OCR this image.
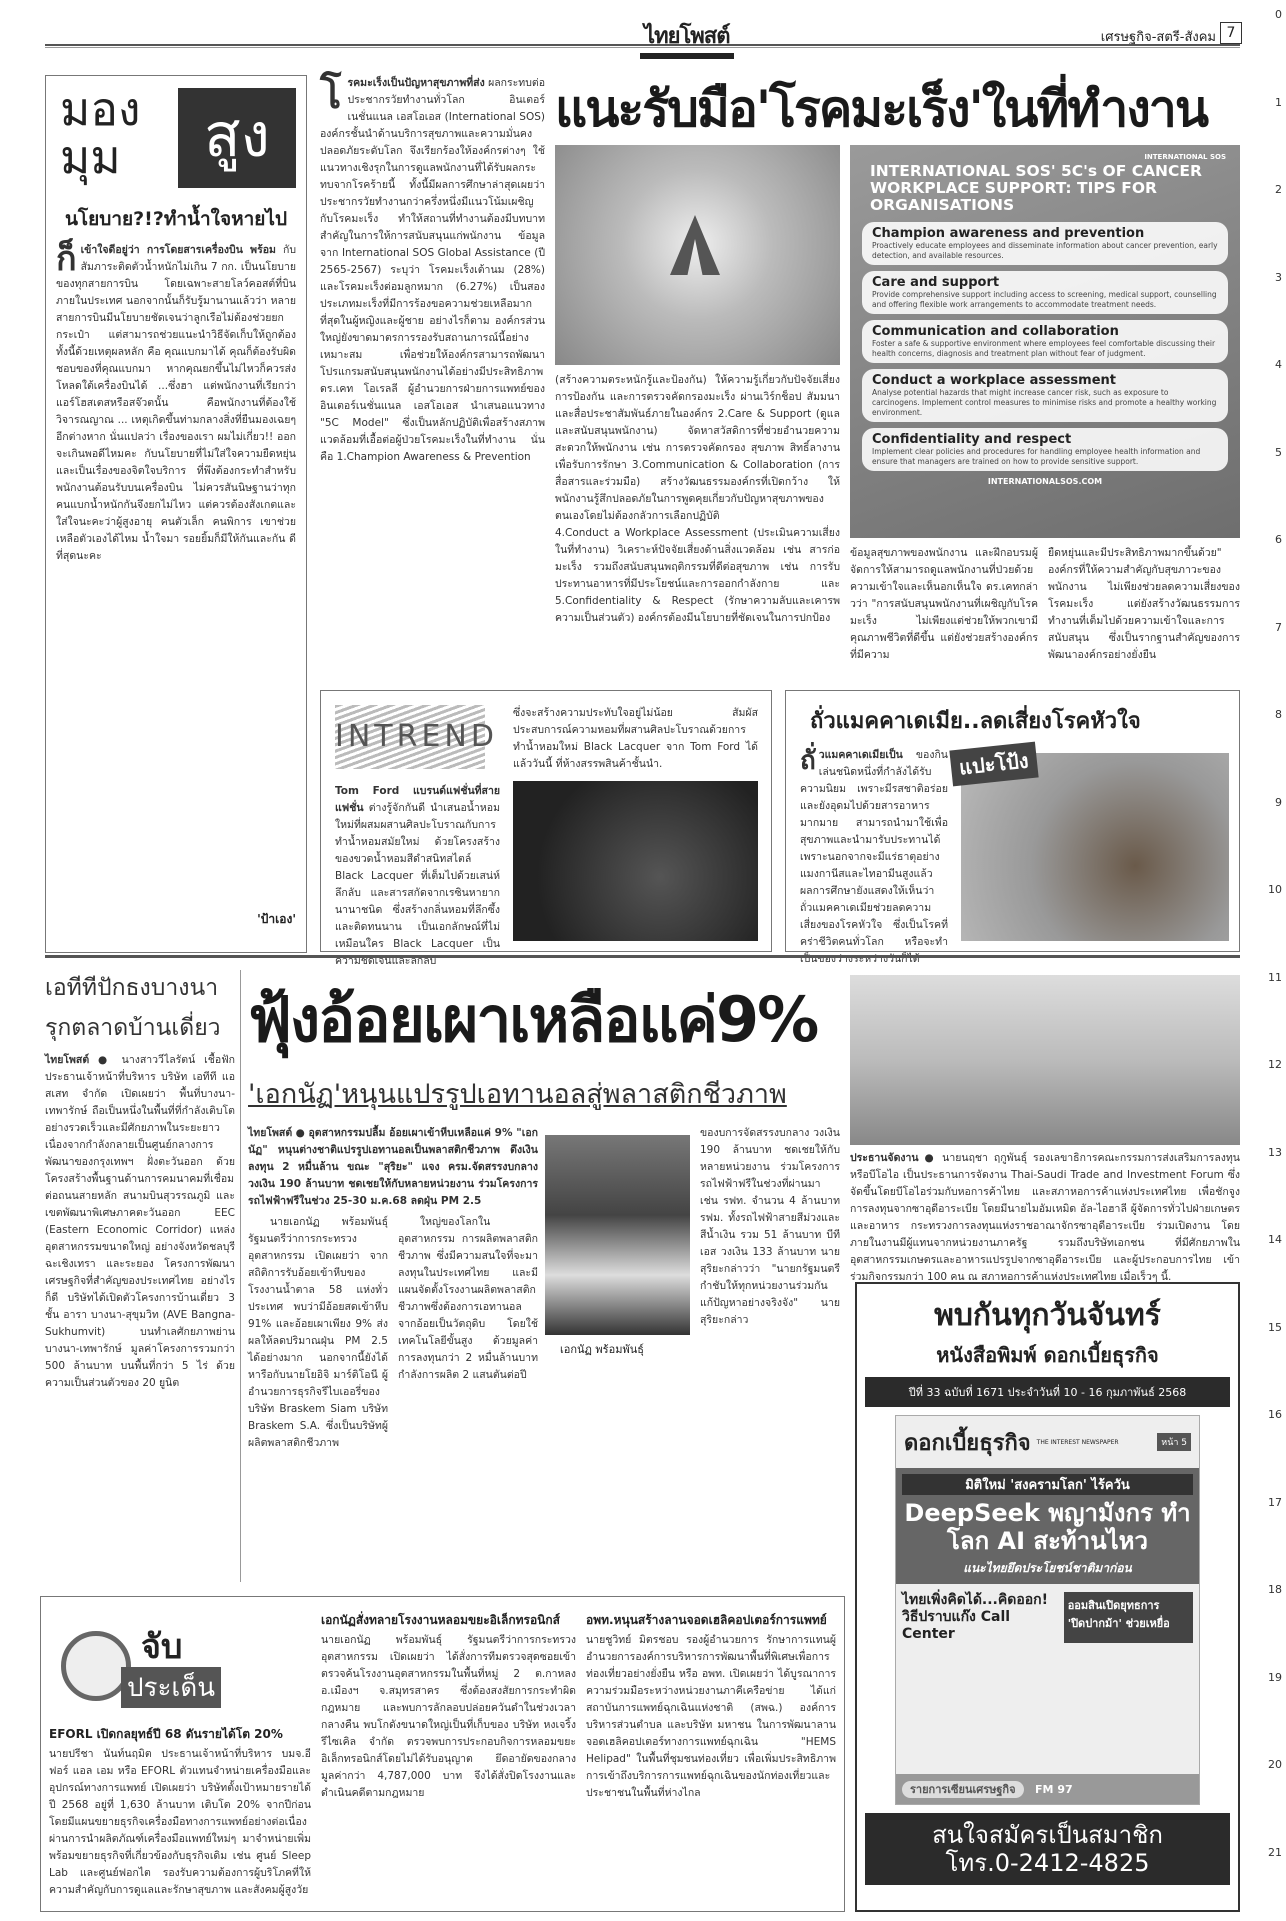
0
1
2
3
4
5
6
7
8
9
10
11
12
13
14
15
16
17
18
19
20
21
ไทยโพสต์	เศรษฐกิจ-สตรี-สังคม 7
มอง
มุม	สูง
นโยบาย?!?ทำน้ำใจหายไป
ก็ เข้าใจดีอยู่ว่า การโดยสารเครื่องบิน พร้อม กับสัมภาระติดตัวน้ำหนักไม่เกิน 7 กก. เป็นนโยบายของทุกสายการบิน โดยเฉพาะสายโลว์คอสต์ที่บินภายในประเทศ นอกจากนั้นก็รับรู้มานานแล้วว่า หลายสายการบินมีนโยบายชัดเจนว่าลูกเรือไม่ต้องช่วยยกกระเป๋า แต่สามารถช่วยแนะนำวิธีจัดเก็บให้ถูกต้อง ทั้งนี้ด้วยเหตุผลหลัก คือ คุณแบกมาได้ คุณก็ต้องรับผิดชอบของที่คุณแบกมา หากคุณยกขึ้นไม่ไหวก็ควรส่งโหลดใต้เครื่องบินได้ ...ซึ่งฮา แต่พนักงานที่เรียกว่าแอร์โฮสเตสหรือสจ๊วตนั้น คือพนักงานที่ต้องใช้วิจารณญาณ ... เหตุเกิดขึ้นท่ามกลางสิ่งที่ยืนมองเฉยๆ อีกต่างหาก นั่นแปลว่า เรื่องของเรา ผมไม่เกี่ยว!! ออกจะเกินพอดีไหมคะ กับนโยบายที่ไม่ใส่ใจความยืดหยุ่น และเป็นเรื่องของจิตใจบริการ ที่พึงต้องกระทำสำหรับพนักงานต้อนรับบนเครื่องบิน ไม่ควรสันนิษฐานว่าทุกคนแบกน้ำหนักกันจึงยกไม่ไหว แต่ควรต้องสังเกตและใส่ใจนะคะว่าผู้สูงอายุ คนตัวเล็ก คนพิการ เขาช่วยเหลือตัวเองได้ไหม น้ำใจมา รอยยิ้มก็มีให้กันและกัน ดีที่สุดนะคะ
'ป้าเอง'
โ รคมะเร็งเป็นปัญหาสุขภาพที่ส่ง ผลกระทบต่อประชากรวัยทำงานทั่วโลก อินเตอร์เนชั่นแนล เอสโอเอส (International SOS) องค์กรชั้นนำด้านบริการสุขภาพและความมั่นคงปลอดภัยระดับโลก จึงเรียกร้องให้องค์กรต่างๆ ใช้แนวทางเชิงรุกในการดูแลพนักงานที่ได้รับผลกระทบจากโรคร้ายนี้ ทั้งนี้มีผลการศึกษาล่าสุดเผยว่า ประชากรวัยทำงานกว่าครึ่งหนึ่งมีแนวโน้มเผชิญกับโรคมะเร็ง ทำให้สถานที่ทำงานต้องมีบทบาทสำคัญในการให้การสนับสนุนแก่พนักงาน ข้อมูลจาก International SOS Global Assistance (ปี 2565-2567) ระบุว่า โรคมะเร็งเต้านม (28%) และโรคมะเร็งต่อมลูกหมาก (6.27%) เป็นสองประเภทมะเร็งที่มีการร้องขอความช่วยเหลือมากที่สุดในผู้หญิงและผู้ชาย อย่างไรก็ตาม องค์กรส่วนใหญ่ยังขาดมาตรการรองรับสถานการณ์นี้อย่างเหมาะสม เพื่อช่วยให้องค์กรสามารถพัฒนาโปรแกรมสนับสนุนพนักงานได้อย่างมีประสิทธิภาพ ดร.เคท โอเรลลี ผู้อำนวยการฝ่ายการแพทย์ของอินเตอร์เนชั่นแนล เอสโอเอส นำเสนอแนวทาง "5C Model" ซึ่งเป็นหลักปฏิบัติเพื่อสร้างสภาพแวดล้อมที่เอื้อต่อผู้ป่วยโรคมะเร็งในที่ทำงาน นั่นคือ 1.Champion Awareness & Prevention
แนะรับมือ'โรคมะเร็ง'ในที่ทำงาน
INTERNATIONAL SOS
INTERNATIONAL SOS' 5C's OF CANCER WORKPLACE SUPPORT: TIPS FOR ORGANISATIONS
Champion awareness and prevention
Proactively educate employees and disseminate information about cancer prevention, early detection, and available resources.
Care and support
Provide comprehensive support including access to screening, medical support, counselling and offering flexible work arrangements to accommodate treatment needs.
Communication and collaboration
Foster a safe & supportive environment where employees feel comfortable discussing their health concerns, diagnosis and treatment plan without fear of judgment.
Conduct a workplace assessment
Analyse potential hazards that might increase cancer risk, such as exposure to carcinogens. Implement control measures to minimise risks and promote a healthy working environment.
Confidentiality and respect
Implement clear policies and procedures for handling employee health information and ensure that managers are trained on how to provide sensitive support.
INTERNATIONALSOS.COM
(สร้างความตระหนักรู้และป้องกัน) ให้ความรู้เกี่ยวกับปัจจัยเสี่ยง การป้องกัน และการตรวจคัดกรองมะเร็ง ผ่านเวิร์กช็อป สัมมนา และสื่อประชาสัมพันธ์ภายในองค์กร 2.Care & Support (ดูแลและสนับสนุนพนักงาน) จัดหาสวัสดิการที่ช่วยอำนวยความสะดวกให้พนักงาน เช่น การตรวจคัดกรอง สุขภาพ สิทธิ์ลางานเพื่อรับการรักษา 3.Communication & Collaboration (การสื่อสารและร่วมมือ) สร้างวัฒนธรรมองค์กรที่เปิดกว้าง ให้พนักงานรู้สึกปลอดภัยในการพูดคุยเกี่ยวกับปัญหาสุขภาพของตนเองโดยไม่ต้องกลัวการเลือกปฏิบัติ
4.Conduct a Workplace Assessment (ประเมินความเสี่ยงในที่ทำงาน) วิเคราะห์ปัจจัยเสี่ยงด้านสิ่งแวดล้อม เช่น สารก่อมะเร็ง รวมถึงสนับสนุนพฤติกรรมที่ดีต่อสุขภาพ เช่น การรับประทานอาหารที่มีประโยชน์และการออกกำลังกาย และ 5.Confidentiality & Respect (รักษาความลับและเคารพความเป็นส่วนตัว) องค์กรต้องมีนโยบายที่ชัดเจนในการปกป้อง
ข้อมูลสุขภาพของพนักงาน และฝึกอบรมผู้จัดการให้สามารถดูแลพนักงานที่ป่วยด้วยความเข้าใจและเห็นอกเห็นใจ ดร.เคทกล่าวว่า "การสนับสนุนพนักงานที่เผชิญกับโรคมะเร็ง ไม่เพียงแต่ช่วยให้พวกเขามีคุณภาพชีวิตที่ดีขึ้น แต่ยังช่วยสร้างองค์กรที่มีความ
ยืดหยุ่นและมีประสิทธิภาพมากขึ้นด้วย" องค์กรที่ให้ความสำคัญกับสุขภาวะของพนักงาน ไม่เพียงช่วยลดความเสี่ยงของโรคมะเร็ง แต่ยังสร้างวัฒนธรรมการทำงานที่เต็มไปด้วยความเข้าใจและการสนับสนุน ซึ่งเป็นรากฐานสำคัญของการพัฒนาองค์กรอย่างยั่งยืน
INTREND
Tom Ford แบรนด์แฟชั่นที่สายแฟชั่น ต่างรู้จักกันดี นำเสนอน้ำหอมใหม่ที่ผสมผสานศิลปะโบราณกับการทำน้ำหอมสมัยใหม่ ด้วยโครงสร้างของขวดน้ำหอมสีดำสนิทสไตล์ Black Lacquer ที่เต็มไปด้วยเสน่ห์ลึกลับ และสารสกัดจากเรซินหายากนานาชนิด ซึ่งสร้างกลิ่นหอมที่ลึกซึ้งและติดทนนาน เป็นเอกลักษณ์ที่ไม่เหมือนใคร Black Lacquer เป็นความชัดเจนและลึกลับ
ซึ่งจะสร้างความประทับใจอยู่ไม่น้อย สัมผัสประสบการณ์ความหอมที่ผสานศิลปะโบราณด้วยการทำน้ำหอมใหม่ Black Lacquer จาก Tom Ford ได้แล้ววันนี้ ที่ห้างสรรพสินค้าชั้นนำ.
ถั่วแมคคาเดเมีย..ลดเสี่ยงโรคหัวใจ
ถั่ วแมคคาเดเมียเป็น ของกินเล่นชนิดหนึ่งที่กำลังได้รับความนิยม เพราะมีรสชาติอร่อยและยังอุดมไปด้วยสารอาหารมากมาย สามารถนำมาใช้เพื่อสุขภาพและนำมารับประทานได้ เพราะนอกจากจะมีแร่ธาตุอย่างแมงกานีสและไทอามีนสูงแล้ว ผลการศึกษายังแสดงให้เห็นว่า ถั่วแมคคาเดเมียช่วยลดความเสี่ยงของโรคหัวใจ ซึ่งเป็นโรคที่คร่าชีวิตคนทั่วโลก หรือจะทำเป็นของว่างระหว่างวันก็ได้
แปะโป้ง
เอทีทีปักธงบางนา รุกตลาดบ้านเดี่ยว
ไทยโพสต์ ● นางสาววีไลรัตน์ เชื้อฟัก ประธานเจ้าหน้าที่บริหาร บริษัท เอทีที แอสเสท จำกัด เปิดเผยว่า พื้นที่บางนา-เทพารักษ์ ถือเป็นหนึ่งในพื้นที่ที่กำลังเติบโตอย่างรวดเร็วและมีศักยภาพในระยะยาว เนื่องจากกำลังกลายเป็นศูนย์กลางการพัฒนาของกรุงเทพฯ ฝั่งตะวันออก ด้วยโครงสร้างพื้นฐานด้านการคมนาคมที่เชื่อมต่อถนนสายหลัก สนามบินสุวรรณภูมิ และเขตพัฒนาพิเศษภาคตะวันออก EEC (Eastern Economic Corridor) แหล่งอุตสาหกรรมขนาดใหญ่ อย่างจังหวัดชลบุรี ฉะเชิงเทรา และระยอง โครงการพัฒนาเศรษฐกิจที่สำคัญของประเทศไทย อย่างไรก็ดี บริษัทได้เปิดตัวโครงการบ้านเดี่ยว 3 ชั้น อารา บางนา-สุขุมวิท (AVE Bangna-Sukhumvit) บนทำเลศักยภาพย่านบางนา-เทพารักษ์ มูลค่าโครงการรวมกว่า 500 ล้านบาท บนพื้นที่กว่า 5 ไร่ ด้วยความเป็นส่วนตัวของ 20 ยูนิต
ฟุ้งอ้อยเผาเหลือแค่9%
'เอกนัฏ'หนุนแปรรูปเอทานอลสู่พลาสติกชีวภาพ
ไทยโพสต์ ● อุตสาหกรรมปลื้ม อ้อยเผาเข้าหีบเหลือแค่ 9% "เอกนัฏ" หนุนต่างชาติแปรรูปเอทานอลเป็นพลาสติกชีวภาพ ดึงเงินลงทุน 2 หมื่นล้าน ขณะ "สุริยะ" แจง ครม.จัดสรรงบกลาง วงเงิน 190 ล้านบาท ชดเชยให้กับหลายหน่วยงาน ร่วมโครงการรถไฟฟ้าฟรีในช่วง 25-30 ม.ค.68 ลดฝุ่น PM 2.5

นายเอกนัฏ พร้อมพันธุ์ รัฐมนตรีว่าการกระทรวงอุตสาหกรรม เปิดเผยว่า จากสถิติการรับอ้อยเข้าหีบของโรงงานน้ำตาล 58 แห่งทั่วประเทศ พบว่ามีอ้อยสดเข้าหีบ 91% และอ้อยเผาเพียง 9% ส่งผลให้ลดปริมาณฝุ่น PM 2.5 ได้อย่างมาก นอกจากนี้ยังได้หารือกับนายโยอิจิ มาร์ติโอนี ผู้อำนวยการธุรกิจรีไบเออรี่ของบริษัท Braskem Siam บริษัท Braskem S.A. ซึ่งเป็นบริษัทผู้ผลิตพลาสติกชีวภาพ

ใหญ่ของโลกในอุตสาหกรรม การผลิตพลาสติกชีวภาพ ซึ่งมีความสนใจที่จะมาลงทุนในประเทศไทย และมีแผนจัดตั้งโรงงานผลิตพลาสติกชีวภาพซึ่งต้องการเอทานอลจากอ้อยเป็นวัตถุดิบ โดยใช้เทคโนโลยีขั้นสูง ด้วยมูลค่าการลงทุนกว่า 2 หมื่นล้านบาท กำลังการผลิต 2 แสนตันต่อปี

เอกนัฏ พร้อมพันธุ์
ของบการจัดสรรงบกลาง วงเงิน 190 ล้านบาท ชดเชยให้กับหลายหน่วยงาน ร่วมโครงการรถไฟฟ้าฟรีในช่วงที่ผ่านมา เช่น รฟท. จำนวน 4 ล้านบาท รฟม. ทั้งรถไฟฟ้าสายสีม่วงและสีน้ำเงิน รวม 51 ล้านบาท บีทีเอส วงเงิน 133 ล้านบาท นายสุริยะกล่าวว่า "นายกรัฐมนตรีกำชับให้ทุกหน่วยงานร่วมกันแก้ปัญหาอย่างจริงจัง" นายสุริยะกล่าว
ประธานจัดงาน ● นายนฤชา ฤกูพันธุ์ รองเลขาธิการคณะกรรมการส่งเสริมการลงทุน หรือบีโอไอ เป็นประธานการจัดงาน Thai-Saudi Trade and Investment Forum ซึ่งจัดขึ้นโดยบีโอไอร่วมกับหอการค้าไทย และสภาหอการค้าแห่งประเทศไทย เพื่อชักจูงการลงทุนจากซาอุดีอาระเบีย โดยมีนายไมอัมเหมิด อัล-ไอฮาลี ผู้จัดการทั่วไปฝ่ายเกษตรและอาหาร กระทรวงการลงทุนแห่งราชอาณาจักรซาอุดีอาระเบีย ร่วมเปิดงาน โดยภายในงานมีผู้แทนจากหน่วยงานภาครัฐ รวมถึงบริษัทเอกชน ที่มีศักยภาพในอุตสาหกรรมเกษตรและอาหารแปรรูปจากซาอุดีอาระเบีย และผู้ประกอบการไทย เข้าร่วมกิจกรรมกว่า 100 คน ณ สภาหอการค้าแห่งประเทศไทย เมื่อเร็วๆ นี้.
พบกันทุกวันจันทร์
หนังสือพิมพ์ ดอกเบี้ยธุรกิจ
ปีที่ 33 ฉบับที่ 1671 ประจำวันที่ 10 - 16 กุมภาพันธ์ 2568
ดอกเบี้ยธุรกิจ THE INTEREST NEWSPAPER	หน้า 5
มิติใหม่ 'สงครามโลก' ไร้ควัน
DeepSeek พญามังกร ทำโลก AI สะท้านไหว
แนะไทยยึดประโยชน์ชาติมาก่อน
ไทยเพิ่งคิดได้...คิดออก! วิธีปราบแก๊ง Call Center
ออมสินเปิดยุทธการ 'ปิดปากม้า' ช่วยเหยื่อ
รายการเซียนเศรษฐกิจ FM 97
สนใจสมัครเป็นสมาชิก
โทร.0-2412-4825
จับ
ประเด็น
EFORL เปิดกลยุทธ์ปี 68 ดันรายได้โต 20%
นายปรีชา นันท์นฤมิต ประธานเจ้าหน้าที่บริหาร บมจ.อี ฟอร์ แอล เอม หรือ EFORL ตัวแทนจำหน่ายเครื่องมือและอุปกรณ์ทางการแพทย์ เปิดเผยว่า บริษัทตั้งเป้าหมายรายได้ปี 2568 อยู่ที่ 1,630 ล้านบาท เติบโต 20% จากปีก่อน โดยมีแผนขยายธุรกิจเครื่องมือทางการแพทย์อย่างต่อเนื่อง ผ่านการนำผลิตภัณฑ์เครื่องมือแพทย์ใหม่ๆ มาจำหน่ายเพิ่ม พร้อมขยายธุรกิจที่เกี่ยวข้องกับธุรกิจเดิม เช่น ศูนย์ Sleep Lab และศูนย์ฟอกไต รองรับความต้องการผู้บริโภคที่ให้ความสำคัญกับการดูแลและรักษาสุขภาพ และสังคมผู้สูงวัย
เอกนัฏสั่งทลายโรงงานหลอมขยะอิเล็กทรอนิกส์
นายเอกนัฏ พร้อมพันธุ์ รัฐมนตรีว่าการกระทรวงอุตสาหกรรม เปิดเผยว่า ได้สั่งการทีมตรวจสุดซอยเข้าตรวจค้นโรงงานอุตสาหกรรมในพื้นที่หมู่ 2 ต.กาหลง อ.เมืองฯ จ.สมุทรสาคร ซึ่งต้องสงสัยการกระทำผิดกฎหมาย และพบการลักลอบปล่อยควันดำในช่วงเวลากลางคืน พบโกดังขนาดใหญ่เป็นที่เก็บของ บริษัท หงเจริ้ง รีไซเคิล จำกัด ตรวจพบการประกอบกิจการหลอมขยะอิเล็กทรอนิกส์โดยไม่ได้รับอนุญาต ยึดอายัดของกลางมูลค่ากว่า 4,787,000 บาท จึงได้สั่งปิดโรงงานและดำเนินคดีตามกฎหมาย
อพท.หนุนสร้างลานจอดเฮลิคอปเตอร์การแพทย์
นายชูวิทย์ มิตรชอบ รองผู้อำนวยการ รักษาการแทนผู้อำนวยการองค์การบริหารการพัฒนาพื้นที่พิเศษเพื่อการท่องเที่ยวอย่างยั่งยืน หรือ อพท. เปิดเผยว่า ได้บูรณาการความร่วมมือระหว่างหน่วยงานภาคีเครือข่าย ได้แก่ สถาบันการแพทย์ฉุกเฉินแห่งชาติ (สพฉ.) องค์การบริหารส่วนตำบล และบริษัท มหาชน ในการพัฒนาลานจอดเฮลิคอปเตอร์ทางการแพทย์ฉุกเฉิน "HEMS Helipad" ในพื้นที่ชุมชนท่องเที่ยว เพื่อเพิ่มประสิทธิภาพการเข้าถึงบริการการแพทย์ฉุกเฉินของนักท่องเที่ยวและประชาชนในพื้นที่ห่างไกล
